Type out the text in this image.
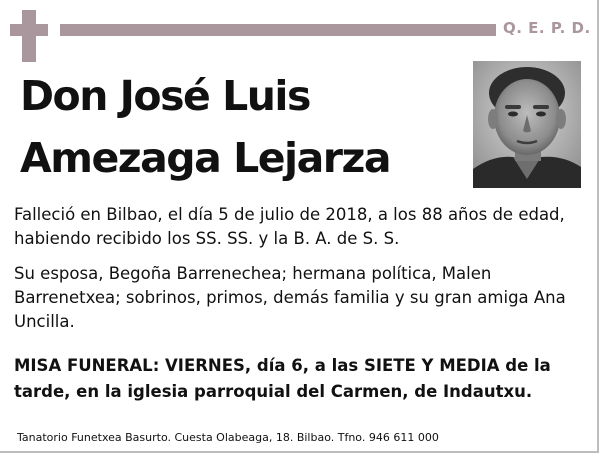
Q. E. P. D.
Don José Luis
Amezaga Lejarza
Falleció en Bilbao, el día 5 de julio de 2018, a los 88 años de edad, habiendo recibido los SS. SS. y la B. A. de S. S.
Su esposa, Begoña Barrenechea; hermana política, Malen Barrenetxea; sobrinos, primos, demás familia y su gran amiga Ana Uncilla.
MISA FUNERAL: VIERNES, día 6, a las SIETE Y MEDIA de la tarde, en la iglesia parroquial del Carmen, de Indautxu.
Tanatorio Funetxea Basurto. Cuesta Olabeaga, 18. Bilbao. Tfno. 946 611 000
